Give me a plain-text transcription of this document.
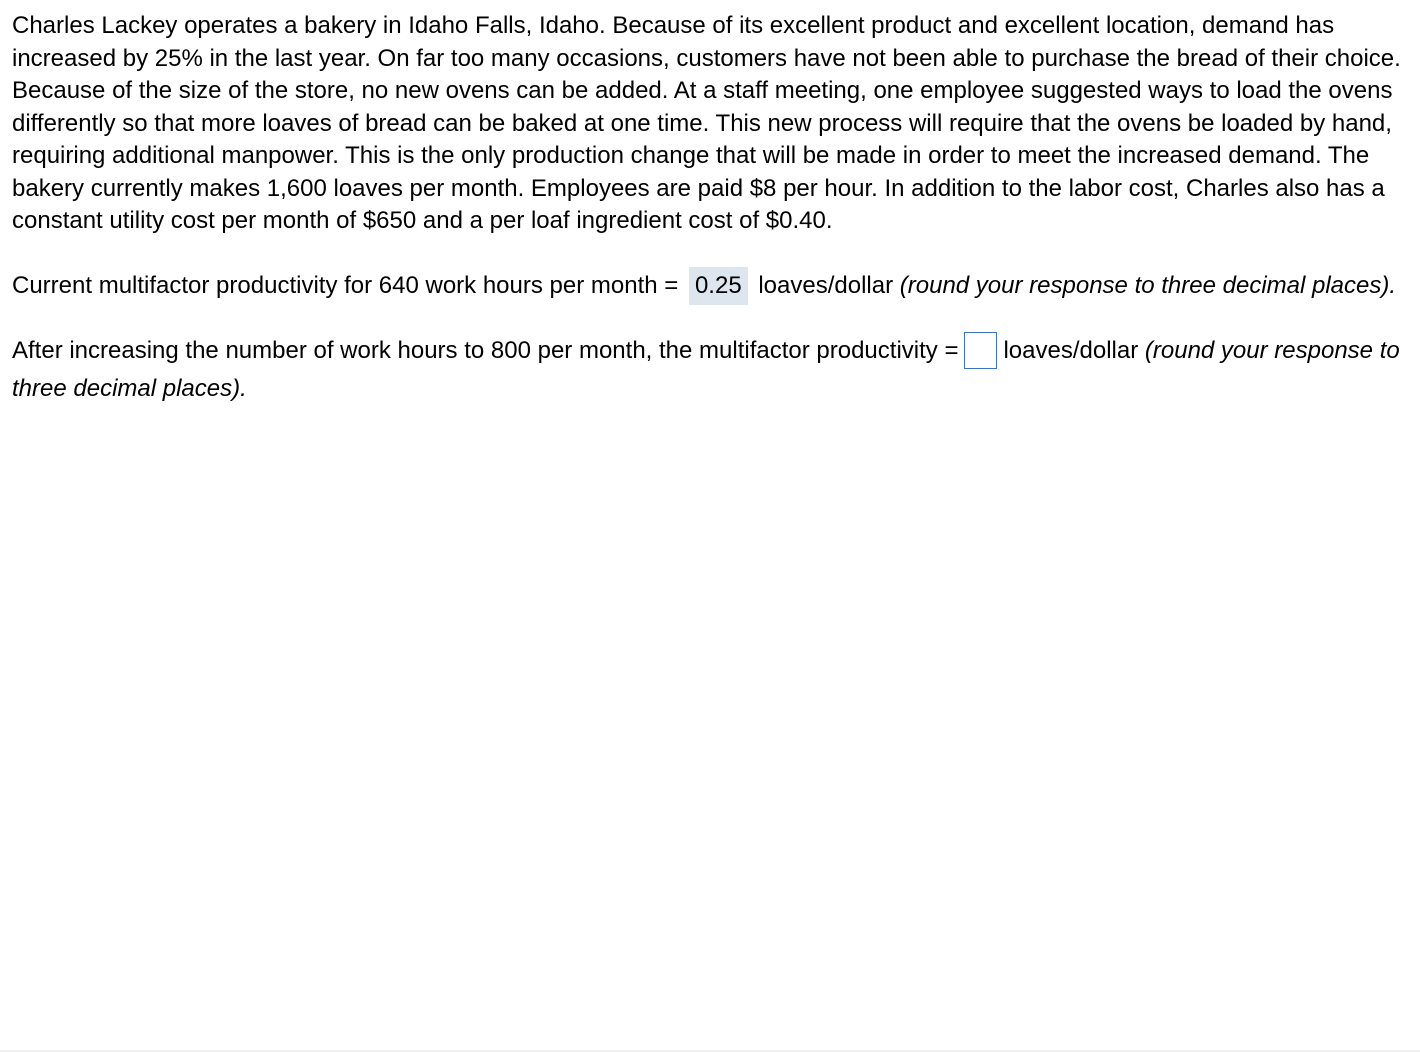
Charles Lackey operates a bakery in Idaho Falls, Idaho. Because of its excellent product and excellent location, demand has increased by 25% in the last year. On far too many occasions, customers have not been able to purchase the bread of their choice. Because of the size of the store, no new ovens can be added. At a staff meeting, one employee suggested ways to load the ovens differently so that more loaves of bread can be baked at one time. This new process will require that the ovens be loaded by hand, requiring additional manpower. This is the only production change that will be made in order to meet the increased demand. The bakery currently makes 1,600 loaves per month. Employees are paid $8 per hour. In addition to the labor cost, Charles also has a constant utility cost per month of $650 and a per loaf ingredient cost of $0.40.

Current multifactor productivity for 640 work hours per month = 0.25 loaves/dollar (round your response to three decimal places).

After increasing the number of work hours to 800 per month, the multifactor productivity = loaves/dollar (round your response to three decimal places).
